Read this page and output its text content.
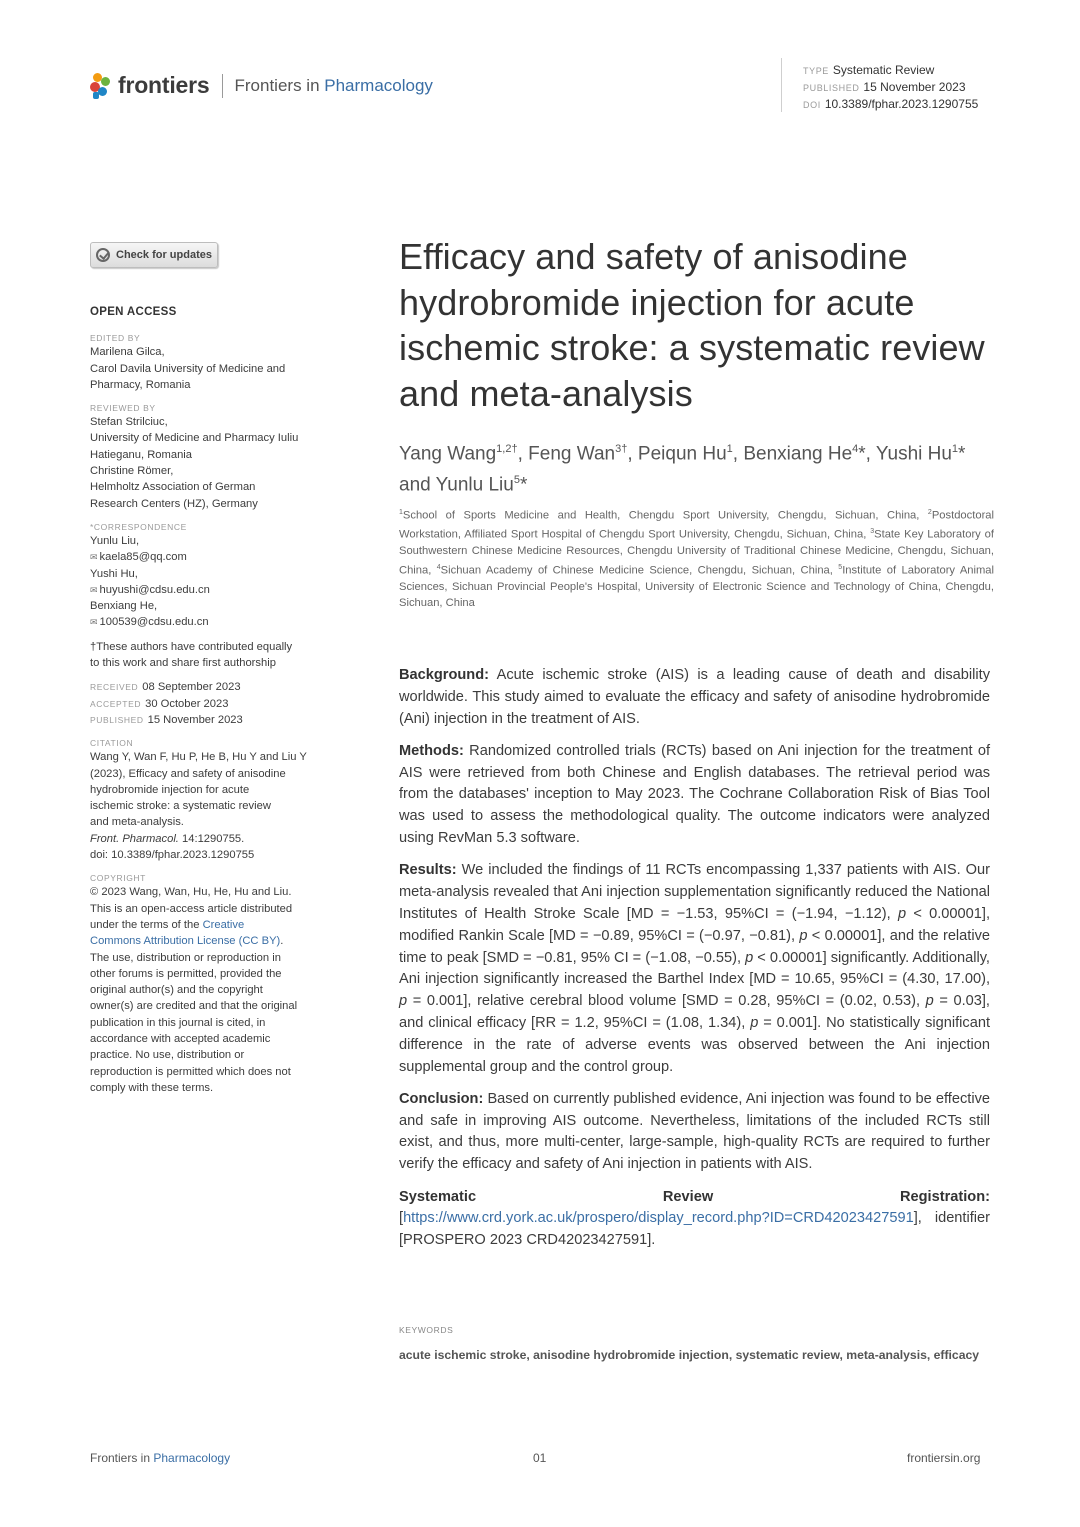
frontiers Frontiers in Pharmacology
TYPE Systematic Review
PUBLISHED 15 November 2023
DOI 10.3389/fphar.2023.1290755
Check for updates
OPEN ACCESS
EDITED BY
Marilena Gilca,
Carol Davila University of Medicine and
Pharmacy, Romania
REVIEWED BY
Stefan Strilciuc,
University of Medicine and Pharmacy Iuliu
Hatieganu, Romania
Christine Römer,
Helmholtz Association of German
Research Centers (HZ), Germany
*CORRESPONDENCE
Yunlu Liu,
✉ kaela85@qq.com
Yushi Hu,
✉ huyushi@cdsu.edu.cn
Benxiang He,
✉ 100539@cdsu.edu.cn
†These authors have contributed equally
to this work and share first authorship
RECEIVED 08 September 2023
ACCEPTED 30 October 2023
PUBLISHED 15 November 2023
CITATION
Wang Y, Wan F, Hu P, He B, Hu Y and Liu Y
(2023), Efficacy and safety of anisodine
hydrobromide injection for acute
ischemic stroke: a systematic review
and meta-analysis.
Front. Pharmacol. 14:1290755.
doi: 10.3389/fphar.2023.1290755
COPYRIGHT
© 2023 Wang, Wan, Hu, He, Hu and Liu.
This is an open-access article distributed
under the terms of the Creative
Commons Attribution License (CC BY).
The use, distribution or reproduction in
other forums is permitted, provided the
original author(s) and the copyright
owner(s) are credited and that the original
publication in this journal is cited, in
accordance with accepted academic
practice. No use, distribution or
reproduction is permitted which does not
comply with these terms.
Efficacy and safety of anisodine hydrobromide injection for acute ischemic stroke: a systematic review and meta-analysis
Yang Wang$^{1,2\dagger}$, Feng Wan$^{3\dagger}$, Peiqun Hu$^1$, Benxiang He$^4$*, Yushi Hu$^1$* and Yunlu Liu$^5$*
$^1$School of Sports Medicine and Health, Chengdu Sport University, Chengdu, Sichuan, China, $^2$Postdoctoral Workstation, Affiliated Sport Hospital of Chengdu Sport University, Chengdu, Sichuan, China, $^3$State Key Laboratory of Southwestern Chinese Medicine Resources, Chengdu University of Traditional Chinese Medicine, Chengdu, Sichuan, China, $^4$Sichuan Academy of Chinese Medicine Science, Chengdu, Sichuan, China, $^5$Institute of Laboratory Animal Sciences, Sichuan Provincial People's Hospital, University of Electronic Science and Technology of China, Chengdu, Sichuan, China

Background: Acute ischemic stroke (AIS) is a leading cause of death and disability worldwide. This study aimed to evaluate the efficacy and safety of anisodine hydrobromide (Ani) injection in the treatment of AIS.

Methods: Randomized controlled trials (RCTs) based on Ani injection for the treatment of AIS were retrieved from both Chinese and English databases. The retrieval period was from the databases' inception to May 2023. The Cochrane Collaboration Risk of Bias Tool was used to assess the methodological quality. The outcome indicators were analyzed using RevMan 5.3 software.

Results: We included the findings of 11 RCTs encompassing 1,337 patients with AIS. Our meta-analysis revealed that Ani injection supplementation significantly reduced the National Institutes of Health Stroke Scale [MD = −1.53, 95%CI = (−1.94, −1.12), p < 0.00001], modified Rankin Scale [MD = −0.89, 95%CI = (−0.97, −0.81), p < 0.00001], and the relative time to peak [SMD = −0.81, 95% CI = (−1.08, −0.55), p < 0.00001] significantly. Additionally, Ani injection significantly increased the Barthel Index [MD = 10.65, 95%CI = (4.30, 17.00), p = 0.001], relative cerebral blood volume [SMD = 0.28, 95%CI = (0.02, 0.53), p = 0.03], and clinical efficacy [RR = 1.2, 95%CI = (1.08, 1.34), p = 0.001]. No statistically significant difference in the rate of adverse events was observed between the Ani injection supplemental group and the control group.

Conclusion: Based on currently published evidence, Ani injection was found to be effective and safe in improving AIS outcome. Nevertheless, limitations of the included RCTs still exist, and thus, more multi-center, large-sample, high-quality RCTs are required to further verify the efficacy and safety of Ani injection in patients with AIS.

Systematic Review Registration: [https://www.crd.york.ac.uk/prospero/display_record.php?ID=CRD42023427591], identifier [PROSPERO 2023 CRD42023427591].

KEYWORDS
acute ischemic stroke, anisodine hydrobromide injection, systematic review, meta-analysis, efficacy
Frontiers in Pharmacology	01	frontiersin.org
